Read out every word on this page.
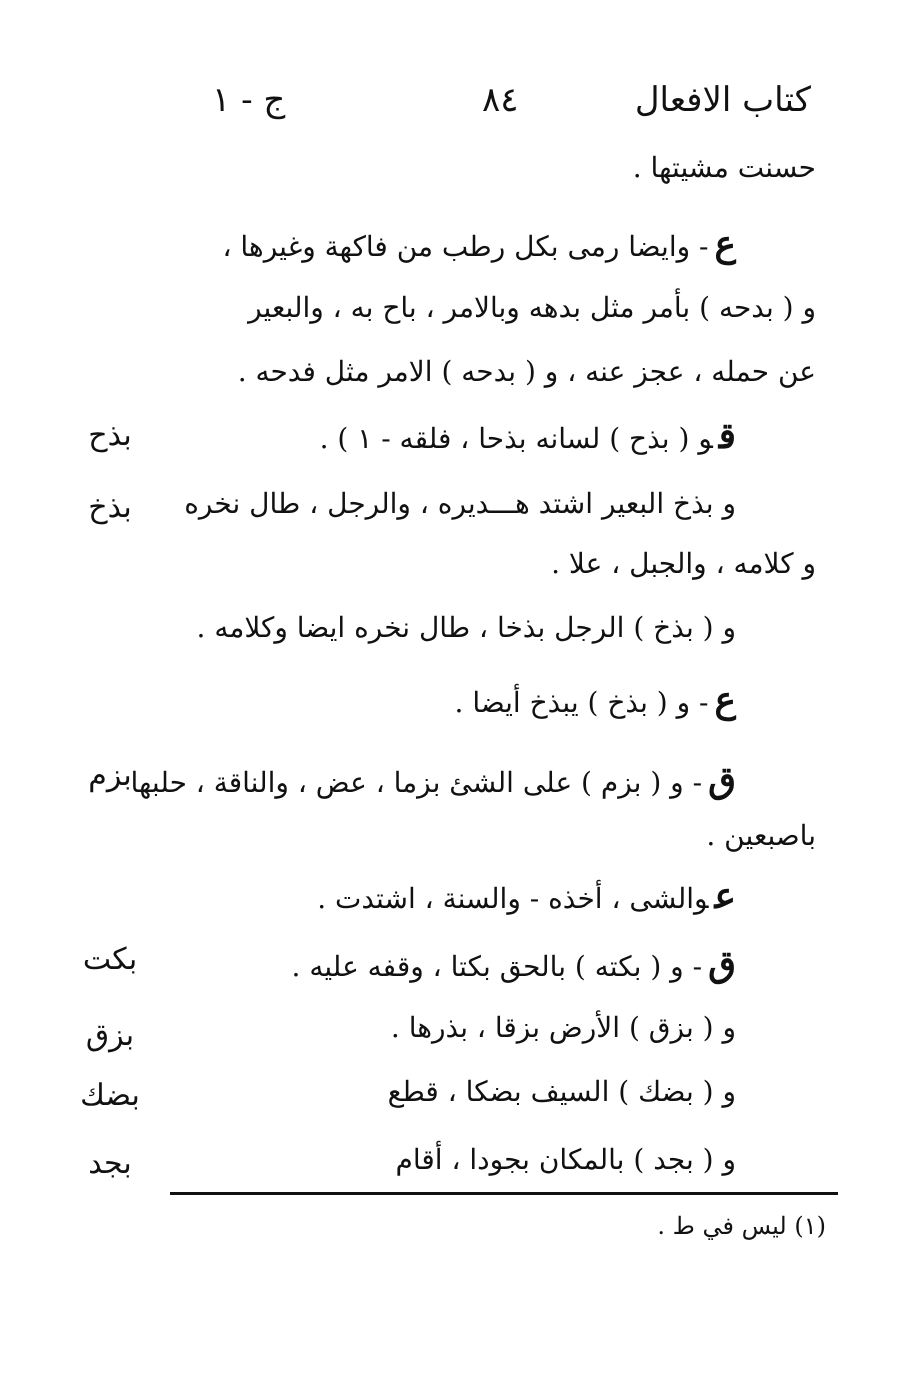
كتاب الافعال
٨٤
ج - ١
حسنت مشيتها .
ع- وايضا رمى بكل رطب من فاكهة وغيرها ،
و ( بدحه ) بأمر مثل بدهه وبالامر ، باح به ، والبعير
عن حمله ، عجز عنه ، و ( بدحه ) الامر مثل فدحه .
قو ( بذح ) لسانه بذحا ، فلقه - ١ ) .
و بذخ البعير اشتد هـــديره ، والرجل ، طال نخره
و كلامه ، والجبل ، علا .
و ( بذخ ) الرجل بذخا ، طال نخره ايضا وكلامه .
ع- و ( بذخ ) يبذخ أيضا .
ق- و ( بزم ) على الشئ بزما ، عض ، والناقة ، حلبها
باصبعين .
عوالشى ، أخذه - والسنة ، اشتدت .
ق- و ( بكته ) بالحق بكتا ، وقفه عليه .
و ( بزق ) الأرض بزقا ، بذرها .
و ( بضك ) السيف بضكا ، قطع
و ( بجد ) بالمكان بجودا ، أقام
بذح
بذخ
بزم
بكت
بزق
بضك
بجد
(١) ليس في ط .
